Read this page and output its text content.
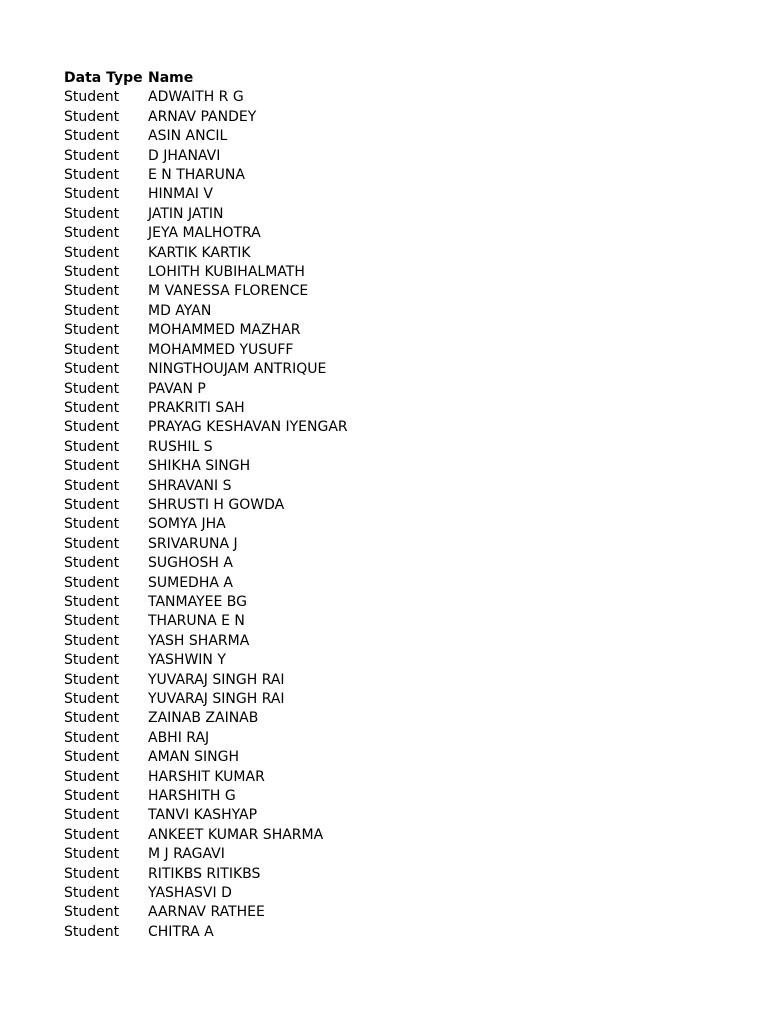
Data Type	Name
Student	ADWAITH R G
Student	ARNAV PANDEY
Student	ASIN ANCIL
Student	D JHANAVI
Student	E N THARUNA
Student	HINMAI V
Student	JATIN JATIN
Student	JEYA MALHOTRA
Student	KARTIK KARTIK
Student	LOHITH KUBIHALMATH
Student	M VANESSA FLORENCE
Student	MD AYAN
Student	MOHAMMED MAZHAR
Student	MOHAMMED YUSUFF
Student	NINGTHOUJAM ANTRIQUE
Student	PAVAN P
Student	PRAKRITI SAH
Student	PRAYAG KESHAVAN IYENGAR
Student	RUSHIL S
Student	SHIKHA SINGH
Student	SHRAVANI S
Student	SHRUSTI H GOWDA
Student	SOMYA JHA
Student	SRIVARUNA J
Student	SUGHOSH A
Student	SUMEDHA A
Student	TANMAYEE BG
Student	THARUNA E N
Student	YASH SHARMA
Student	YASHWIN Y
Student	YUVARAJ SINGH RAI
Student	YUVARAJ SINGH RAI
Student	ZAINAB ZAINAB
Student	ABHI RAJ
Student	AMAN SINGH
Student	HARSHIT KUMAR
Student	HARSHITH G
Student	TANVI KASHYAP
Student	ANKEET KUMAR SHARMA
Student	M J RAGAVI
Student	RITIKBS RITIKBS
Student	YASHASVI D
Student	AARNAV RATHEE
Student	CHITRA A
